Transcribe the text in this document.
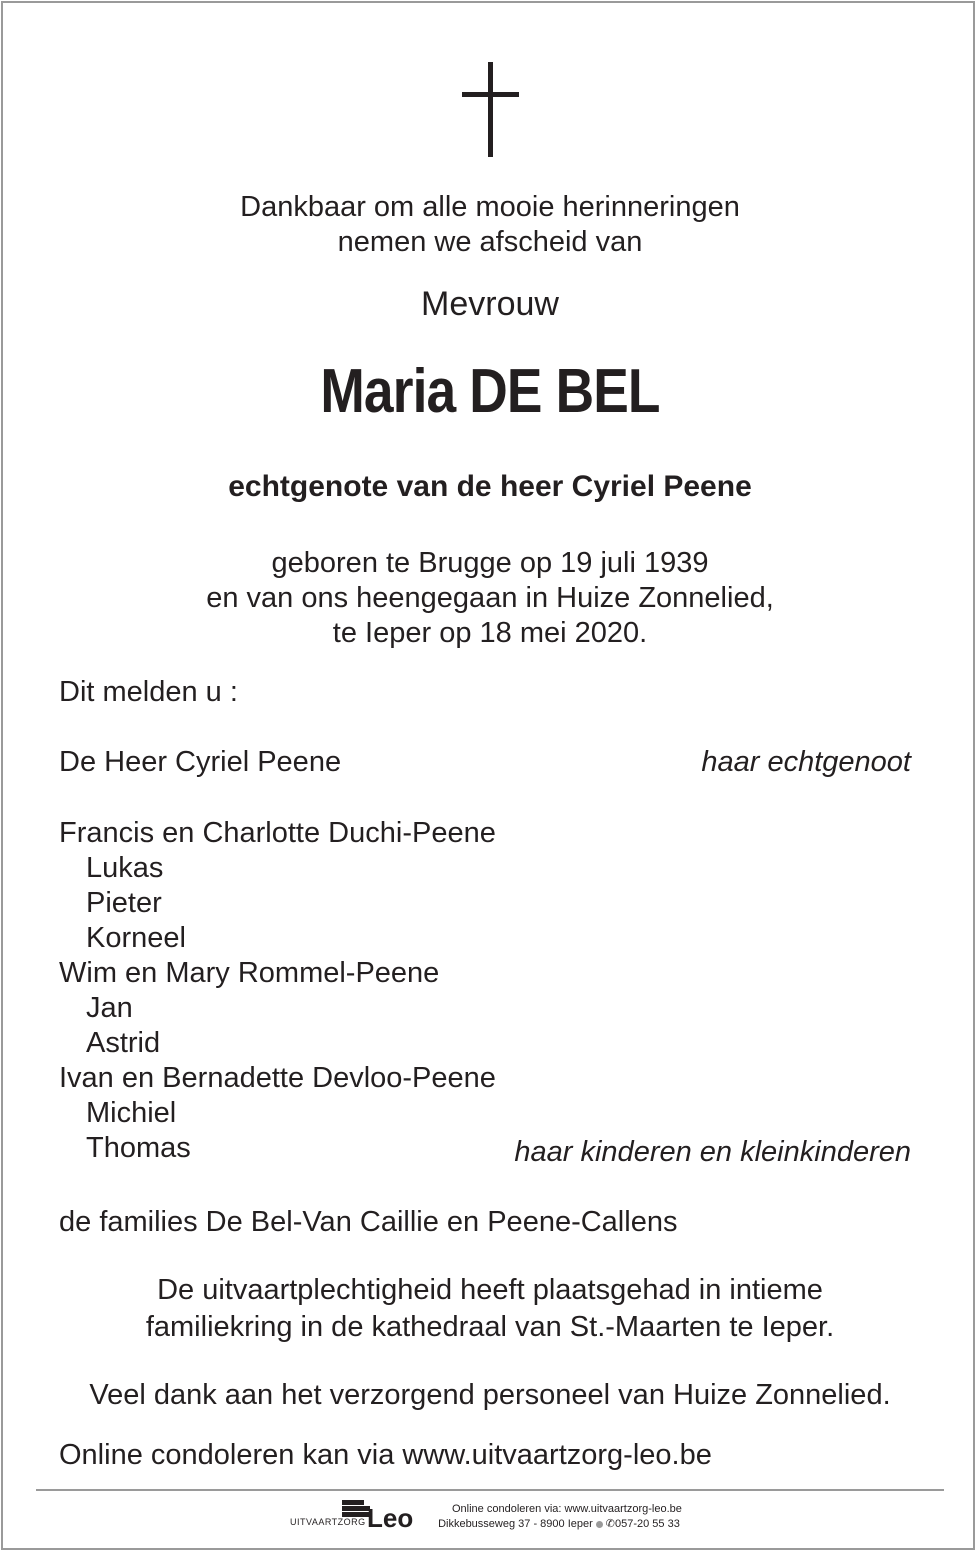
Dankbaar om alle mooie herinneringen
nemen we afscheid van
Mevrouw
Maria DE BEL
echtgenote van de heer Cyriel Peene
geboren te Brugge op 19 juli 1939
en van ons heengegaan in Huize Zonnelied,
te Ieper op 18 mei 2020.
Dit melden u :
De Heer Cyriel Peene	haar echtgenoot
Francis en Charlotte Duchi-Peene
Lukas
Pieter
Korneel
Wim en Mary Rommel-Peene
Jan
Astrid
Ivan en Bernadette Devloo-Peene
Michiel
Thomas	haar kinderen en kleinkinderen
de families De Bel-Van Caillie en Peene-Callens
De uitvaartplechtigheid heeft plaatsgehad in intieme
familiekring in de kathedraal van St.-Maarten te Ieper.
Veel dank aan het verzorgend personeel van Huize Zonnelied.
Online condoleren kan via www.uitvaartzorg-leo.be
UITVAARTZORG Leo	Online condoleren via: www.uitvaartzorg-leo.be
Dikkebusseweg 37 - 8900 Ieper ✆057-20 55 33
